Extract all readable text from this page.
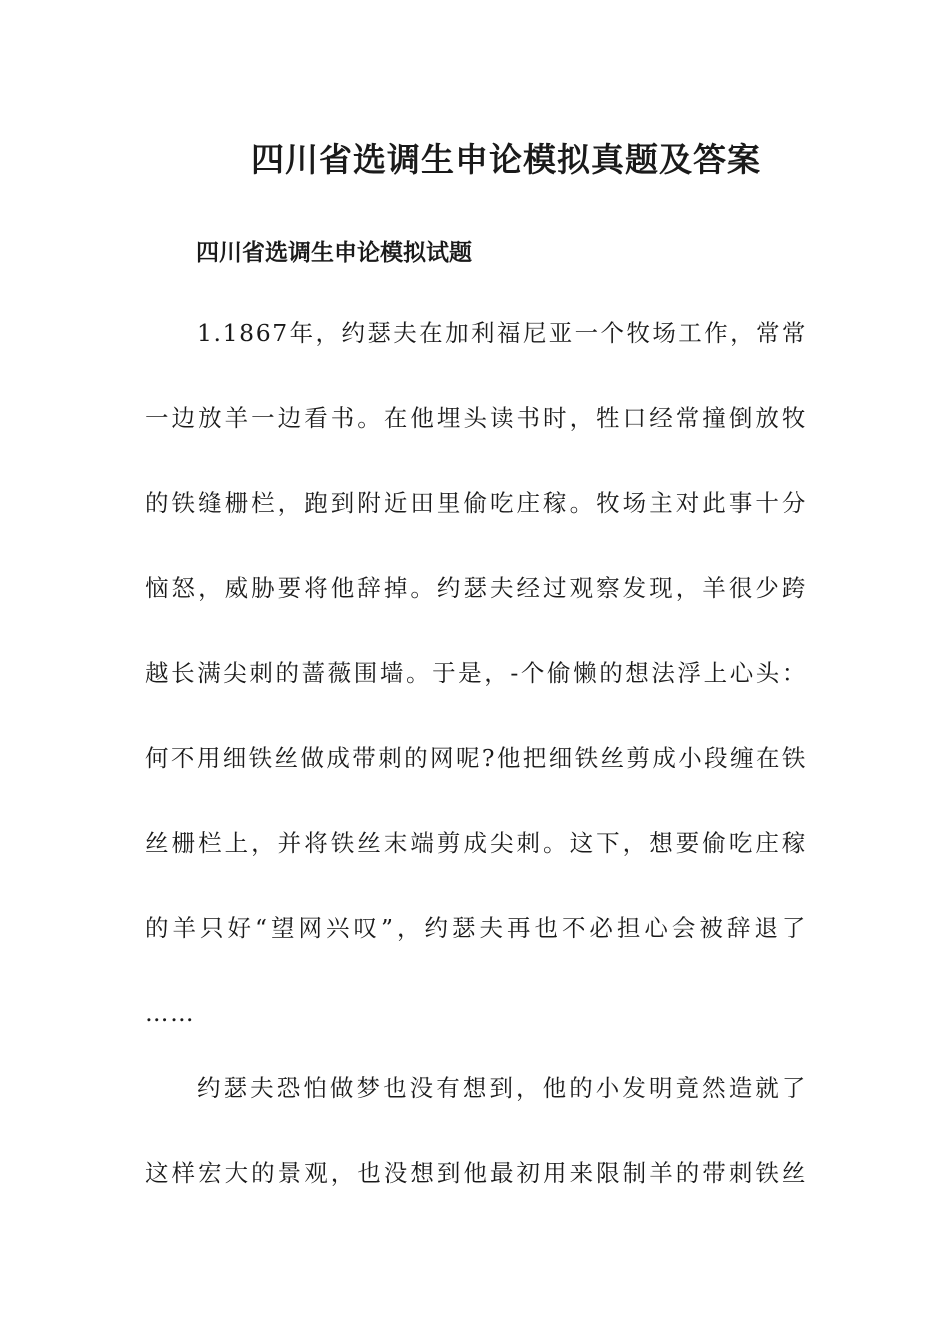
四川省选调生申论模拟真题及答案
四川省选调生申论模拟试题

1.1867年，约瑟夫在加利福尼亚一个牧场工作，常常
一边放羊一边看书。在他埋头读书时，牲口经常撞倒放牧
的铁缝栅栏，跑到附近田里偷吃庄稼。牧场主对此事十分
恼怒，威胁要将他辞掉。约瑟夫经过观察发现，羊很少跨
越长满尖刺的蔷薇围墙。于是，-个偷懒的想法浮上心头：
何不用细铁丝做成带刺的网呢?他把细铁丝剪成小段缠在铁
丝栅栏上，并将铁丝末端剪成尖刺。这下，想要偷吃庄稼
的羊只好“望网兴叹”，约瑟夫再也不必担心会被辞退了
……

约瑟夫恐怕做梦也没有想到，他的小发明竟然造就了
这样宏大的景观，也没想到他最初用来限制羊的带刺铁丝
